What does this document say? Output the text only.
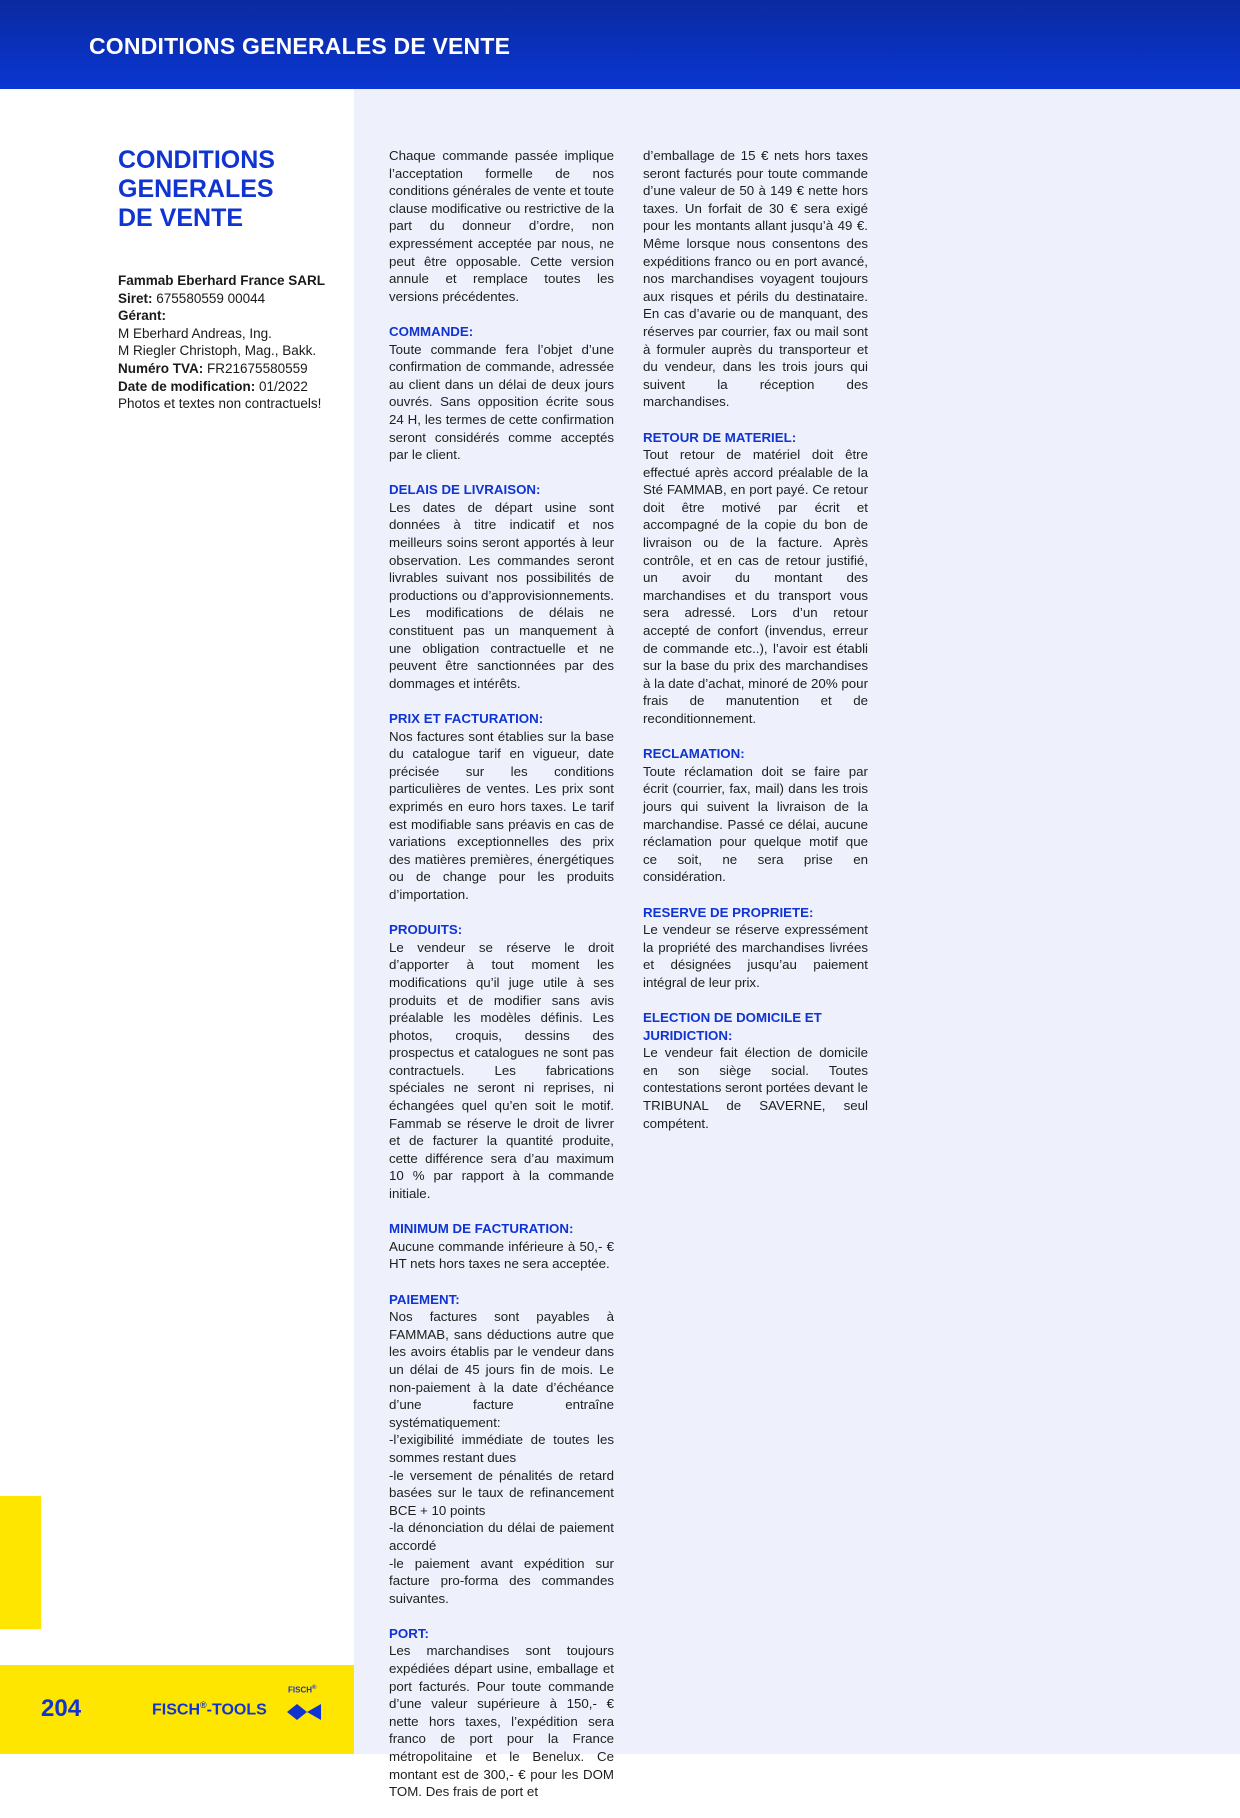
CONDITIONS GENERALES DE VENTE
CONDITIONS
GENERALES
DE VENTE
Fammab Eberhard France SARL
Siret: 675580559 00044
Gérant:
M Eberhard Andreas, Ing.
M Riegler Christoph, Mag., Bakk.
Numéro TVA: FR21675580559
Date de modification: 01/2022
Photos et textes non contractuels!

Chaque commande passée implique l’acceptation formelle de nos conditions générales de vente et toute clause modificative ou restrictive de la part du donneur d’ordre, non expressément acceptée par nous, ne peut être opposable. Cette version annule et remplace toutes les versions précédentes.

COMMANDE:
Toute commande fera l’objet d’une confirmation de commande, adressée au client dans un délai de deux jours ouvrés. Sans opposition écrite sous 24 H, les termes de cette confirmation seront considérés comme acceptés par le client.

DELAIS DE LIVRAISON:
Les dates de départ usine sont données à titre indicatif et nos meilleurs soins seront apportés à leur observation. Les commandes seront livrables suivant nos possibilités de productions ou d’approvisionnements. Les modifications de délais ne constituent pas un manquement à une obligation contractuelle et ne peuvent être sanctionnées par des dommages et intérêts.

PRIX ET FACTURATION:
Nos factures sont établies sur la base du catalogue tarif en vigueur, date précisée sur les conditions particulières de ventes. Les prix sont exprimés en euro hors taxes. Le tarif est modifiable sans préavis en cas de variations exceptionnelles des prix des matières premières, énergétiques ou de change pour les produits d’importation.

PRODUITS:
Le vendeur se réserve le droit d’apporter à tout moment les modifications qu’il juge utile à ses produits et de modifier sans avis préalable les modèles définis. Les photos, croquis, dessins des prospectus et catalogues ne sont pas contractuels. Les fabrications spéciales ne seront ni reprises, ni échangées quel qu’en soit le motif. Fammab se réserve le droit de livrer et de facturer la quantité produite, cette différence sera d’au maximum 10 % par rapport à la commande initiale.

MINIMUM DE FACTURATION:
Aucune commande inférieure à 50,- € HT nets hors taxes ne sera acceptée.

PAIEMENT:
Nos factures sont payables à FAMMAB, sans déductions autre que les avoirs établis par le vendeur dans un délai de 45 jours fin de mois. Le non-paiement à la date d’échéance d’une facture entraîne systématiquement:
-l’exigibilité immédiate de toutes les sommes restant dues
-le versement de pénalités de retard basées sur le taux de refinancement BCE + 10 points
-la dénonciation du délai de paiement accordé
-le paiement avant expédition sur facture pro-forma des commandes suivantes.

PORT:
Les marchandises sont toujours expédiées départ usine, emballage et port facturés. Pour toute commande d’une valeur supérieure à 150,- € nette hors taxes, l’expédition sera franco de port pour la France métropolitaine et le Benelux. Ce montant est de 300,- € pour les DOM TOM. Des frais de port et

d’emballage de 15 € nets hors taxes seront facturés pour toute commande d’une valeur de 50 à 149 € nette hors taxes. Un forfait de 30 € sera exigé pour les montants allant jusqu’à 49 €. Même lorsque nous consentons des expéditions franco ou en port avancé, nos marchandises voyagent toujours aux risques et périls du destinataire. En cas d’avarie ou de manquant, des réserves par courrier, fax ou mail sont à formuler auprès du transporteur et du vendeur, dans les trois jours qui suivent la réception des marchandises.

RETOUR DE MATERIEL:
Tout retour de matériel doit être effectué après accord préalable de la Sté FAMMAB, en port payé. Ce retour doit être motivé par écrit et accompagné de la copie du bon de livraison ou de la facture. Après contrôle, et en cas de retour justifié, un avoir du montant des marchandises et du transport vous sera adressé. Lors d’un retour accepté de confort (invendus, erreur de commande etc..), l’avoir est établi sur la base du prix des marchandises à la date d’achat, minoré de 20% pour frais de manutention et de reconditionnement.

RECLAMATION:
Toute réclamation doit se faire par écrit (courrier, fax, mail) dans les trois jours qui suivent la livraison de la marchandise. Passé ce délai, aucune réclamation pour quelque motif que ce soit, ne sera prise en considération.

RESERVE DE PROPRIETE:
Le vendeur se réserve expressément la propriété des marchandises livrées et désignées jusqu’au paiement intégral de leur prix.

ELECTION DE DOMICILE ET JURIDICTION:
Le vendeur fait élection de domicile en son siège social. Toutes contestations seront portées devant le TRIBUNAL de SAVERNE, seul compétent.

204	FISCH®-TOOLS
FISCH®
